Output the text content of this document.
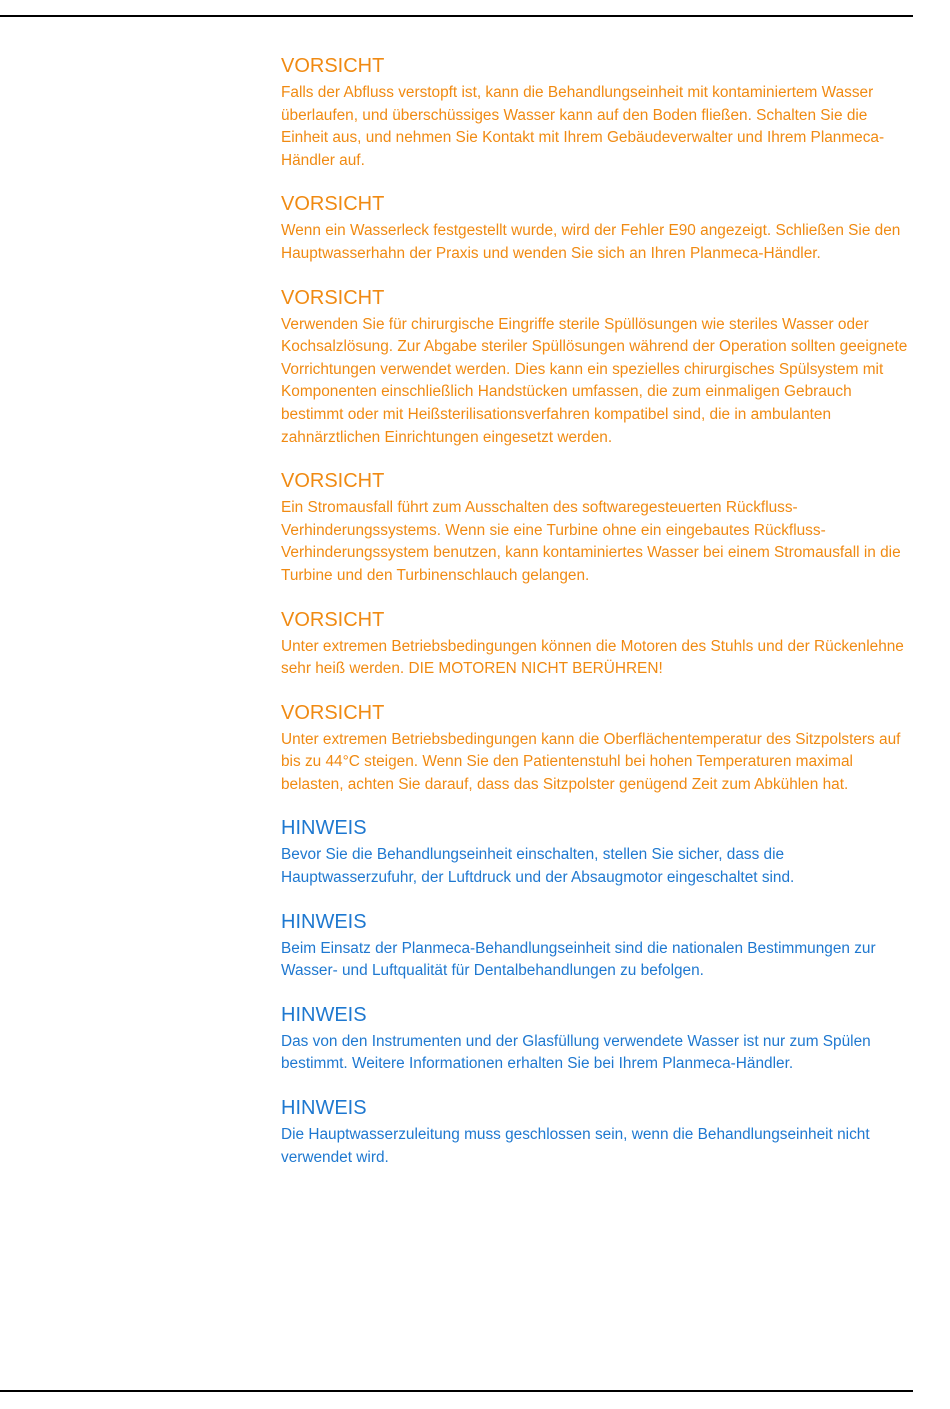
VORSICHT

Falls der Abfluss verstopft ist, kann die Behandlungseinheit mit kontaminiertem Wasser überlaufen, und überschüssiges Wasser kann auf den Boden fließen. Schalten Sie die Einheit aus, und nehmen Sie Kontakt mit Ihrem Gebäudeverwalter und Ihrem Planmeca-Händler auf.

VORSICHT

Wenn ein Wasserleck festgestellt wurde, wird der Fehler E90 angezeigt. Schließen Sie den Hauptwasserhahn der Praxis und wenden Sie sich an Ihren Planmeca-Händler.

VORSICHT

Verwenden Sie für chirurgische Eingriffe sterile Spüllösungen wie steriles Wasser oder Kochsalzlösung. Zur Abgabe steriler Spüllösungen während der Operation sollten geeignete Vorrichtungen verwendet werden. Dies kann ein spezielles chirurgisches Spülsystem mit Komponenten einschließlich Handstücken umfassen, die zum einmaligen Gebrauch bestimmt oder mit Heißsterilisationsverfahren kompatibel sind, die in ambulanten zahnärztlichen Einrichtungen eingesetzt werden.

VORSICHT

Ein Stromausfall führt zum Ausschalten des softwaregesteuerten Rückfluss-Verhinderungssystems. Wenn sie eine Turbine ohne ein eingebautes Rückfluss-Verhinderungssystem benutzen, kann kontaminiertes Wasser bei einem Stromausfall in die Turbine und den Turbinenschlauch gelangen.

VORSICHT

Unter extremen Betriebsbedingungen können die Motoren des Stuhls und der Rückenlehne sehr heiß werden. DIE MOTOREN NICHT BERÜHREN!

VORSICHT

Unter extremen Betriebsbedingungen kann die Oberflächentemperatur des Sitzpolsters auf bis zu 44°C steigen. Wenn Sie den Patientenstuhl bei hohen Temperaturen maximal belasten, achten Sie darauf, dass das Sitzpolster genügend Zeit zum Abkühlen hat.

HINWEIS

Bevor Sie die Behandlungseinheit einschalten, stellen Sie sicher, dass die Hauptwasserzufuhr, der Luftdruck und der Absaugmotor eingeschaltet sind.

HINWEIS

Beim Einsatz der Planmeca-Behandlungseinheit sind die nationalen Bestimmungen zur Wasser- und Luftqualität für Dentalbehandlungen zu befolgen.

HINWEIS

Das von den Instrumenten und der Glasfüllung verwendete Wasser ist nur zum Spülen bestimmt. Weitere Informationen erhalten Sie bei Ihrem Planmeca-Händler.

HINWEIS

Die Hauptwasserzuleitung muss geschlossen sein, wenn die Behandlungseinheit nicht verwendet wird.
